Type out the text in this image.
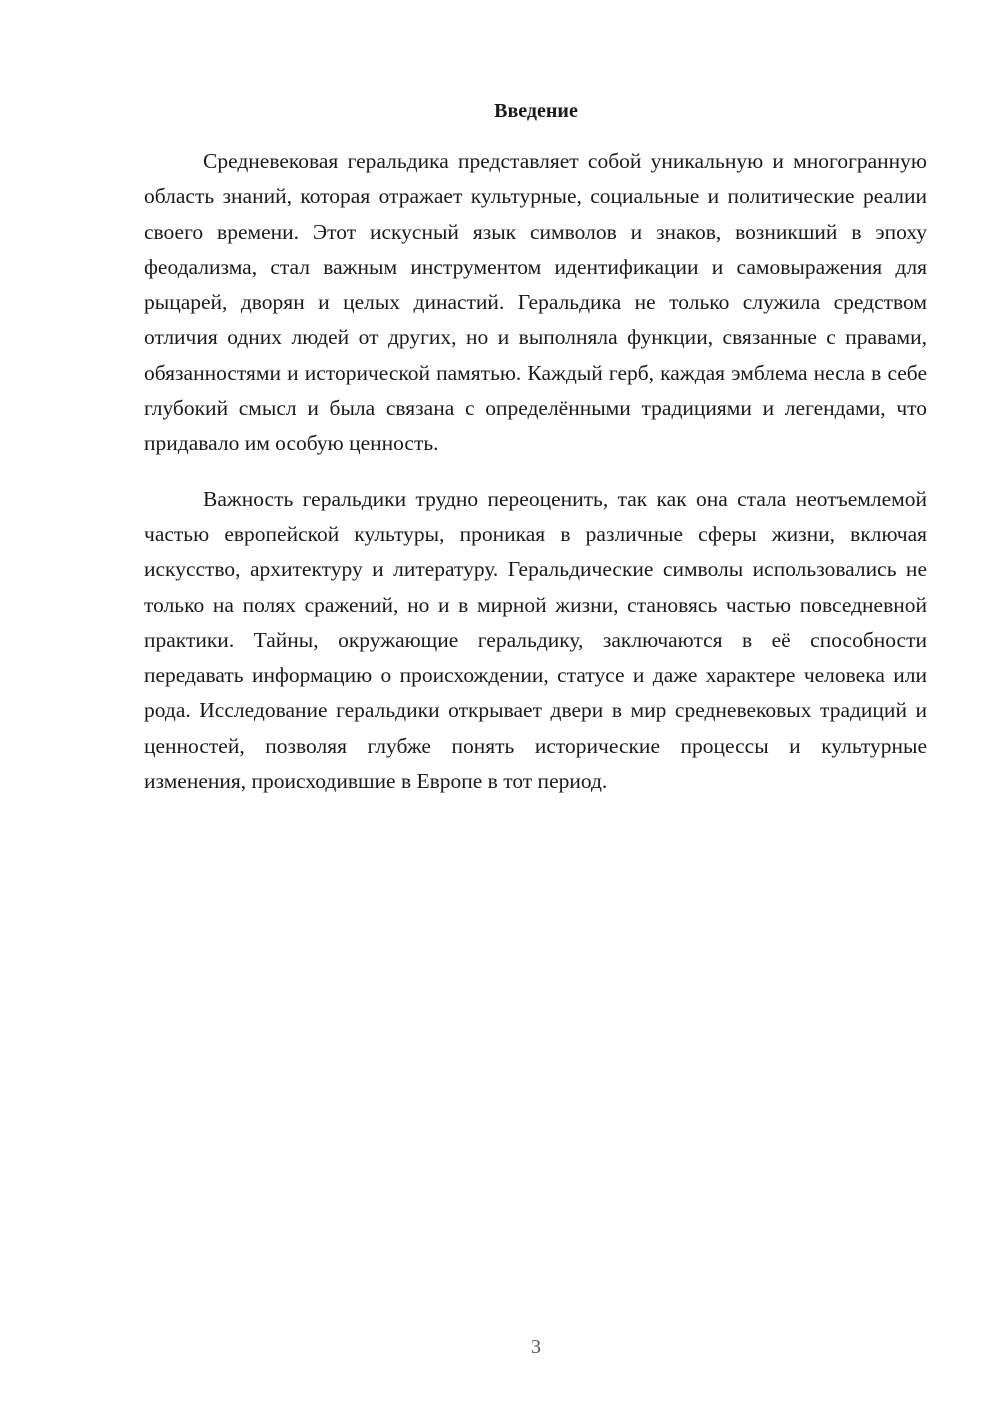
Введение

Средневековая геральдика представляет собой уникальную и многогранную область знаний, которая отражает культурные, социальные и политические реалии своего времени. Этот искусный язык символов и знаков, возникший в эпоху феодализма, стал важным инструментом идентификации и самовыражения для рыцарей, дворян и целых династий. Геральдика не только служила средством отличия одних людей от других, но и выполняла функции, связанные с правами, обязанностями и исторической памятью. Каждый герб, каждая эмблема несла в себе глубокий смысл и была связана с определёнными традициями и легендами, что придавало им особую ценность.

Важность геральдики трудно переоценить, так как она стала неотъемлемой частью европейской культуры, проникая в различные сферы жизни, включая искусство, архитектуру и литературу. Геральдические символы использовались не только на полях сражений, но и в мирной жизни, становясь частью повседневной практики. Тайны, окружающие геральдику, заключаются в её способности передавать информацию о происхождении, статусе и даже характере человека или рода. Исследование геральдики открывает двери в мир средневековых традиций и ценностей, позволяя глубже понять исторические процессы и культурные изменения, происходившие в Европе в тот период.

3
